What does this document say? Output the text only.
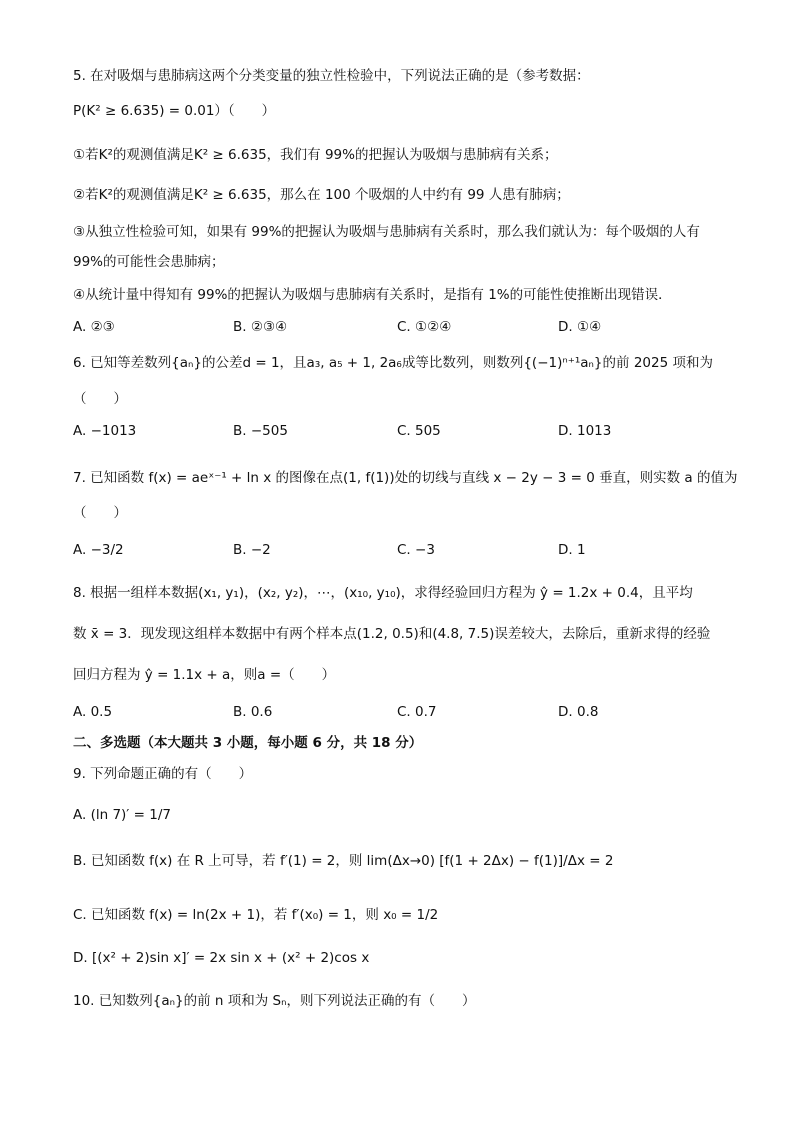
5. 在对吸烟与患肺病这两个分类变量的独立性检验中，下列说法正确的是（参考数据：
P(K² ≥ 6.635) = 0.01）（　　）
①若K²的观测值满足K² ≥ 6.635，我们有 99%的把握认为吸烟与患肺病有关系；
②若K²的观测值满足K² ≥ 6.635，那么在 100 个吸烟的人中约有 99 人患有肺病；
③从独立性检验可知，如果有 99%的把握认为吸烟与患肺病有关系时，那么我们就认为：每个吸烟的人有
99%的可能性会患肺病；
④从统计量中得知有 99%的把握认为吸烟与患肺病有关系时，是指有 1%的可能性使推断出现错误．
A. ②③	B. ②③④	C. ①②④	D. ①④
6. 已知等差数列{aₙ}的公差d = 1，且a₃, a₅ + 1, 2a₆成等比数列，则数列{(−1)ⁿ⁺¹aₙ}的前 2025 项和为
（　　）
A. −1013	B. −505	C. 505	D. 1013
7. 已知函数 f(x) = aeˣ⁻¹ + ln x 的图像在点(1, f(1))处的切线与直线 x − 2y − 3 = 0 垂直，则实数 a 的值为
（　　）
A. −3/2	B. −2	C. −3	D. 1
8. 根据一组样本数据(x₁, y₁)，(x₂, y₂)，⋯，(x₁₀, y₁₀)，求得经验回归方程为 ŷ = 1.2x + 0.4，且平均
数 x̄ = 3．现发现这组样本数据中有两个样本点(1.2, 0.5)和(4.8, 7.5)误差较大，去除后，重新求得的经验
回归方程为 ŷ = 1.1x + a，则a =（　　）
A. 0.5	B. 0.6	C. 0.7	D. 0.8
二、多选题（本大题共 3 小题，每小题 6 分，共 18 分）
9. 下列命题正确的有（　　）
A. (ln 7)′ = 1/7
B. 已知函数 f(x) 在 R 上可导，若 f′(1) = 2，则 lim(Δx→0) [f(1 + 2Δx) − f(1)]/Δx = 2
C. 已知函数 f(x) = ln(2x + 1)，若 f′(x₀) = 1，则 x₀ = 1/2
D. [(x² + 2)sin x]′ = 2x sin x + (x² + 2)cos x
10. 已知数列{aₙ}的前 n 项和为 Sₙ，则下列说法正确的有（　　）
